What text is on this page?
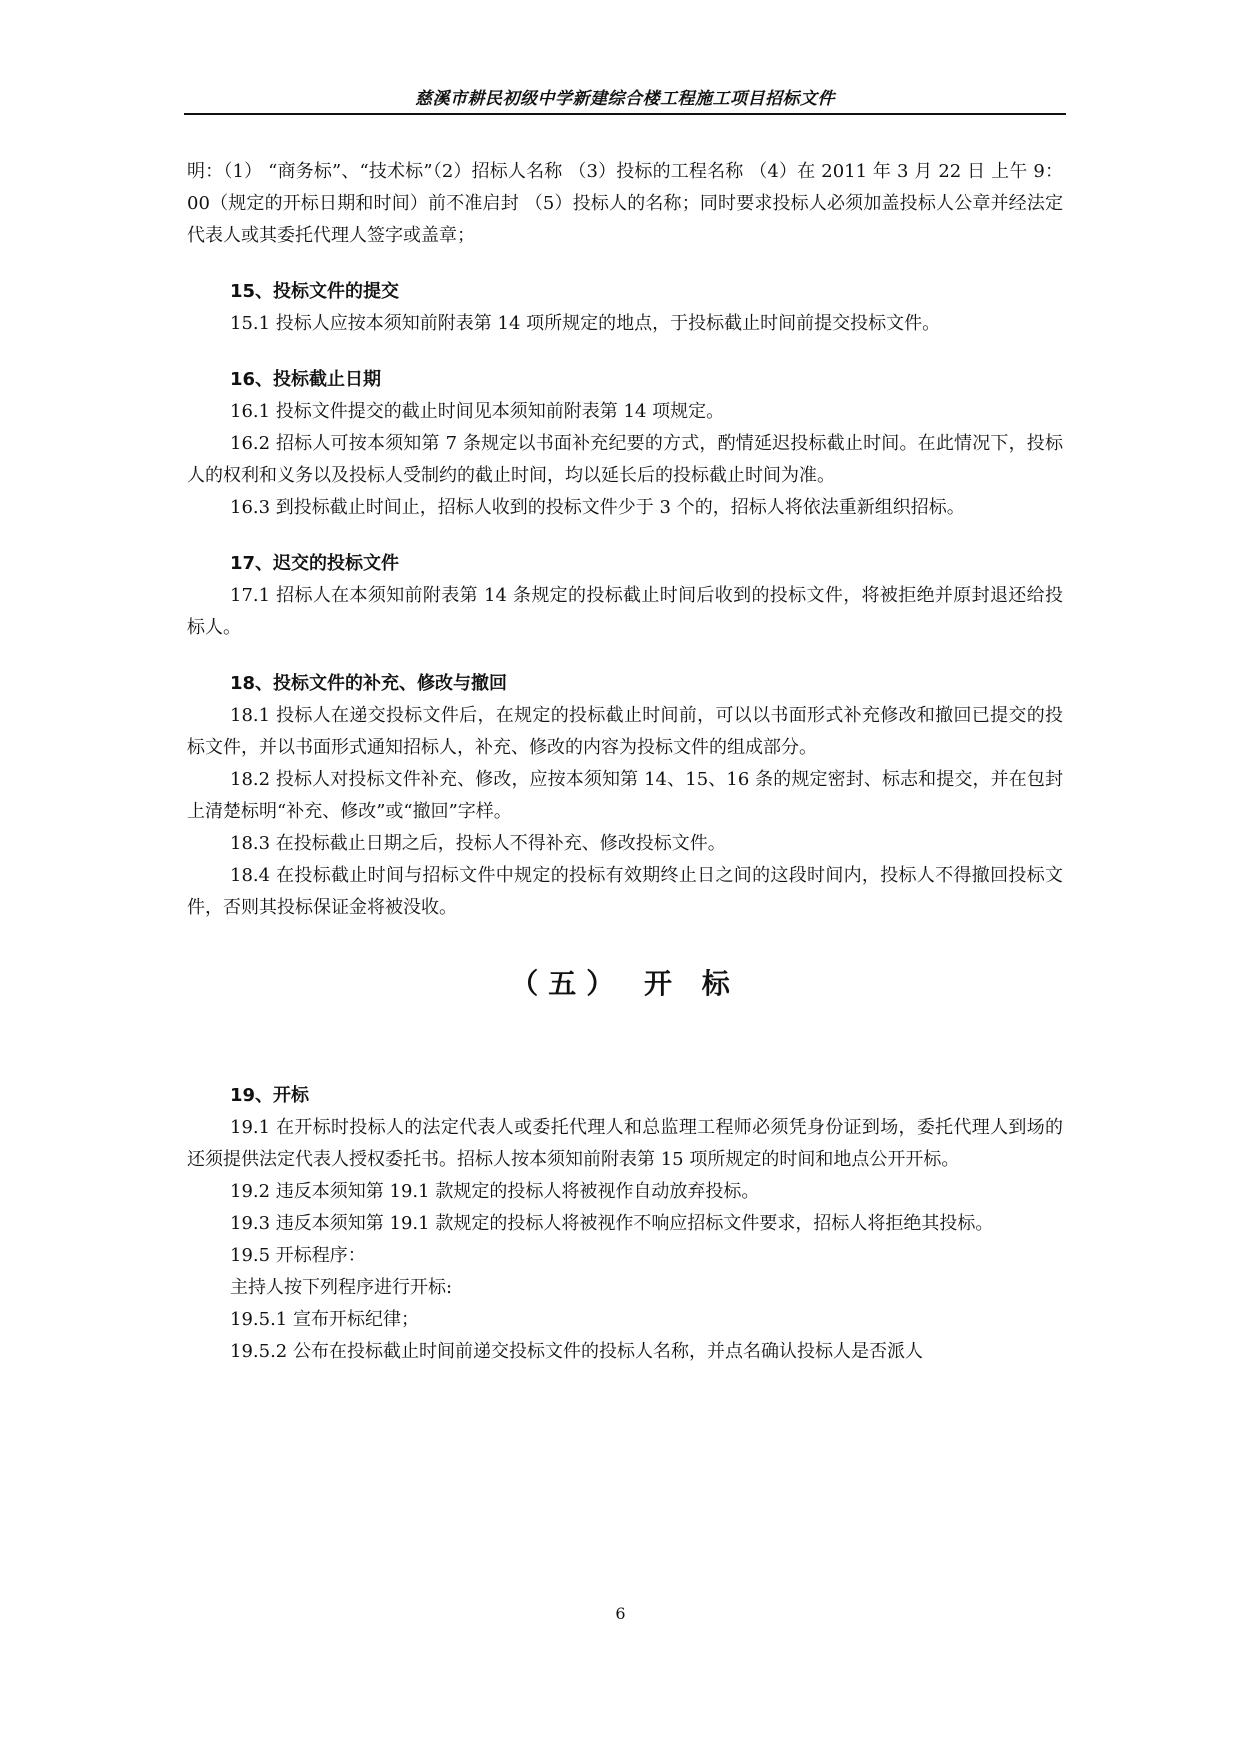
慈溪市耕民初级中学新建综合楼工程施工项目招标文件

明：（1） “商务标”、“技术标”（2）招标人名称 （3）投标的工程名称 （4）在 2011 年 3 月 22 日 上午 9：00（规定的开标日期和时间）前不准启封 （5）投标人的名称；同时要求投标人必须加盖投标人公章并经法定代表人或其委托代理人签字或盖章；

15、投标文件的提交

15.1 投标人应按本须知前附表第 14 项所规定的地点，于投标截止时间前提交投标文件。

16、投标截止日期

16.1 投标文件提交的截止时间见本须知前附表第 14 项规定。

16.2 招标人可按本须知第 7 条规定以书面补充纪要的方式，酌情延迟投标截止时间。在此情况下，投标人的权利和义务以及投标人受制约的截止时间，均以延长后的投标截止时间为准。

16.3 到投标截止时间止，招标人收到的投标文件少于 3 个的，招标人将依法重新组织招标。

17、迟交的投标文件

17.1 招标人在本须知前附表第 14 条规定的投标截止时间后收到的投标文件，将被拒绝并原封退还给投标人。

18、投标文件的补充、修改与撤回

18.1 投标人在递交投标文件后，在规定的投标截止时间前，可以以书面形式补充修改和撤回已提交的投标文件，并以书面形式通知招标人，补充、修改的内容为投标文件的组成部分。

18.2 投标人对投标文件补充、修改，应按本须知第 14、15、16 条的规定密封、标志和提交，并在包封上清楚标明“补充、修改”或“撤回”字样。

18.3 在投标截止日期之后，投标人不得补充、修改投标文件。

18.4 在投标截止时间与招标文件中规定的投标有效期终止日之间的这段时间内，投标人不得撤回投标文件，否则其投标保证金将被没收。

（五） 开 标

19、开标

19.1 在开标时投标人的法定代表人或委托代理人和总监理工程师必须凭身份证到场，委托代理人到场的还须提供法定代表人授权委托书。招标人按本须知前附表第 15 项所规定的时间和地点公开开标。

19.2 违反本须知第 19.1 款规定的投标人将被视作自动放弃投标。

19.3 违反本须知第 19.1 款规定的投标人将被视作不响应招标文件要求，招标人将拒绝其投标。

19.5 开标程序：

主持人按下列程序进行开标:

19.5.1 宣布开标纪律；

19.5.2 公布在投标截止时间前递交投标文件的投标人名称，并点名确认投标人是否派人

6
